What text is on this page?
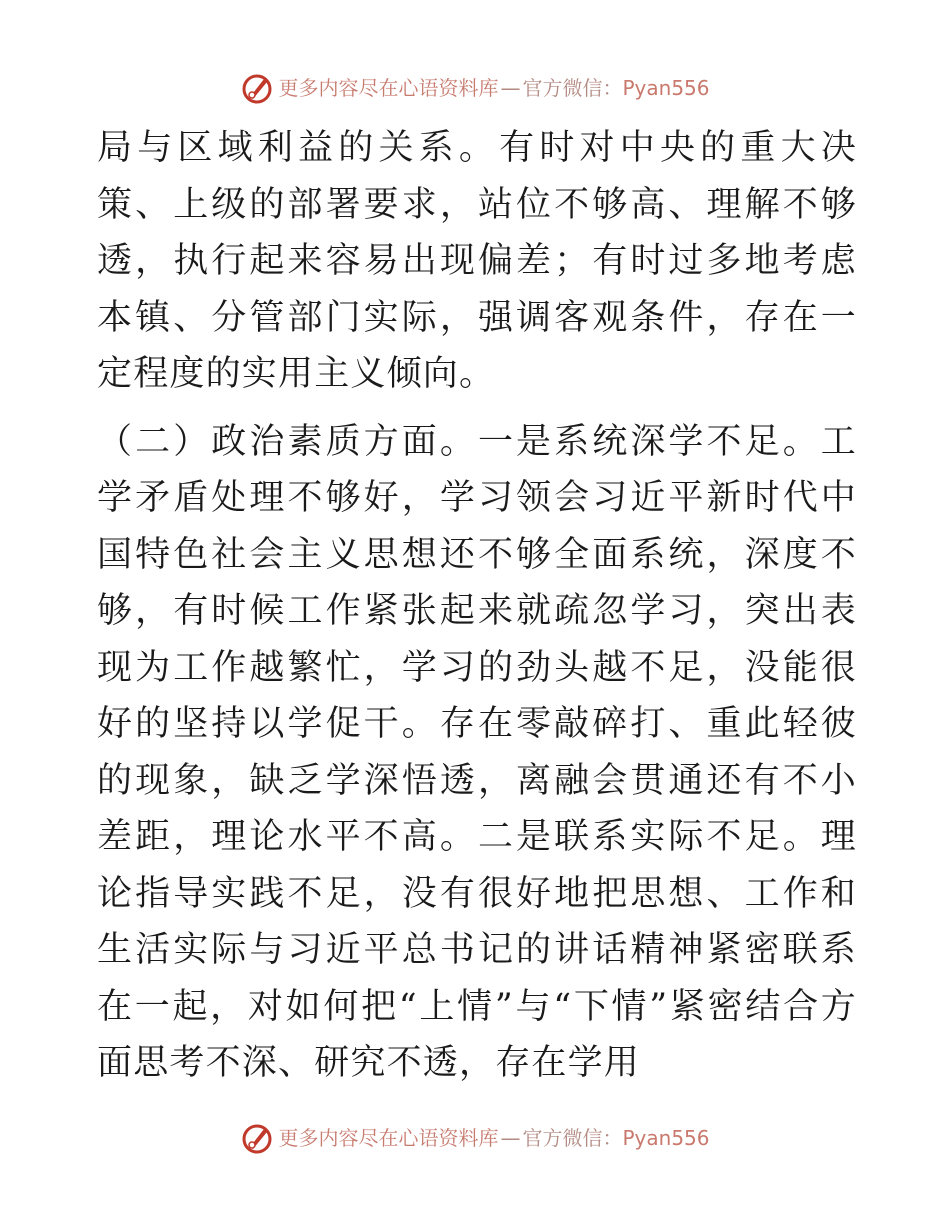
更多内容尽在心语资料库 — 官方微信： Pyan556

局与区域利益的关系。有时对中央的重大决策、上级的部署要求，站位不够高、理解不够透，执行起来容易出现偏差；有时过多地考虑本镇、分管部门实际，强调客观条件，存在一定程度的实用主义倾向。

（二）政治素质方面。一是系统深学不足。工学矛盾处理不够好，学习领会习近平新时代中国特色社会主义思想还不够全面系统，深度不够，有时候工作紧张起来就疏忽学习，突出表现为工作越繁忙，学习的劲头越不足，没能很好的坚持以学促干。存在零敲碎打、重此轻彼的现象，缺乏学深悟透，离融会贯通还有不小差距，理论水平不高。二是联系实际不足。理论指导实践不足，没有很好地把思想、工作和生活实际与习近平总书记的讲话精神紧密联系在一起，对如何把“上情”与“下情”紧密结合方面思考不深、研究不透，存在学用

更多内容尽在心语资料库 — 官方微信： Pyan556
